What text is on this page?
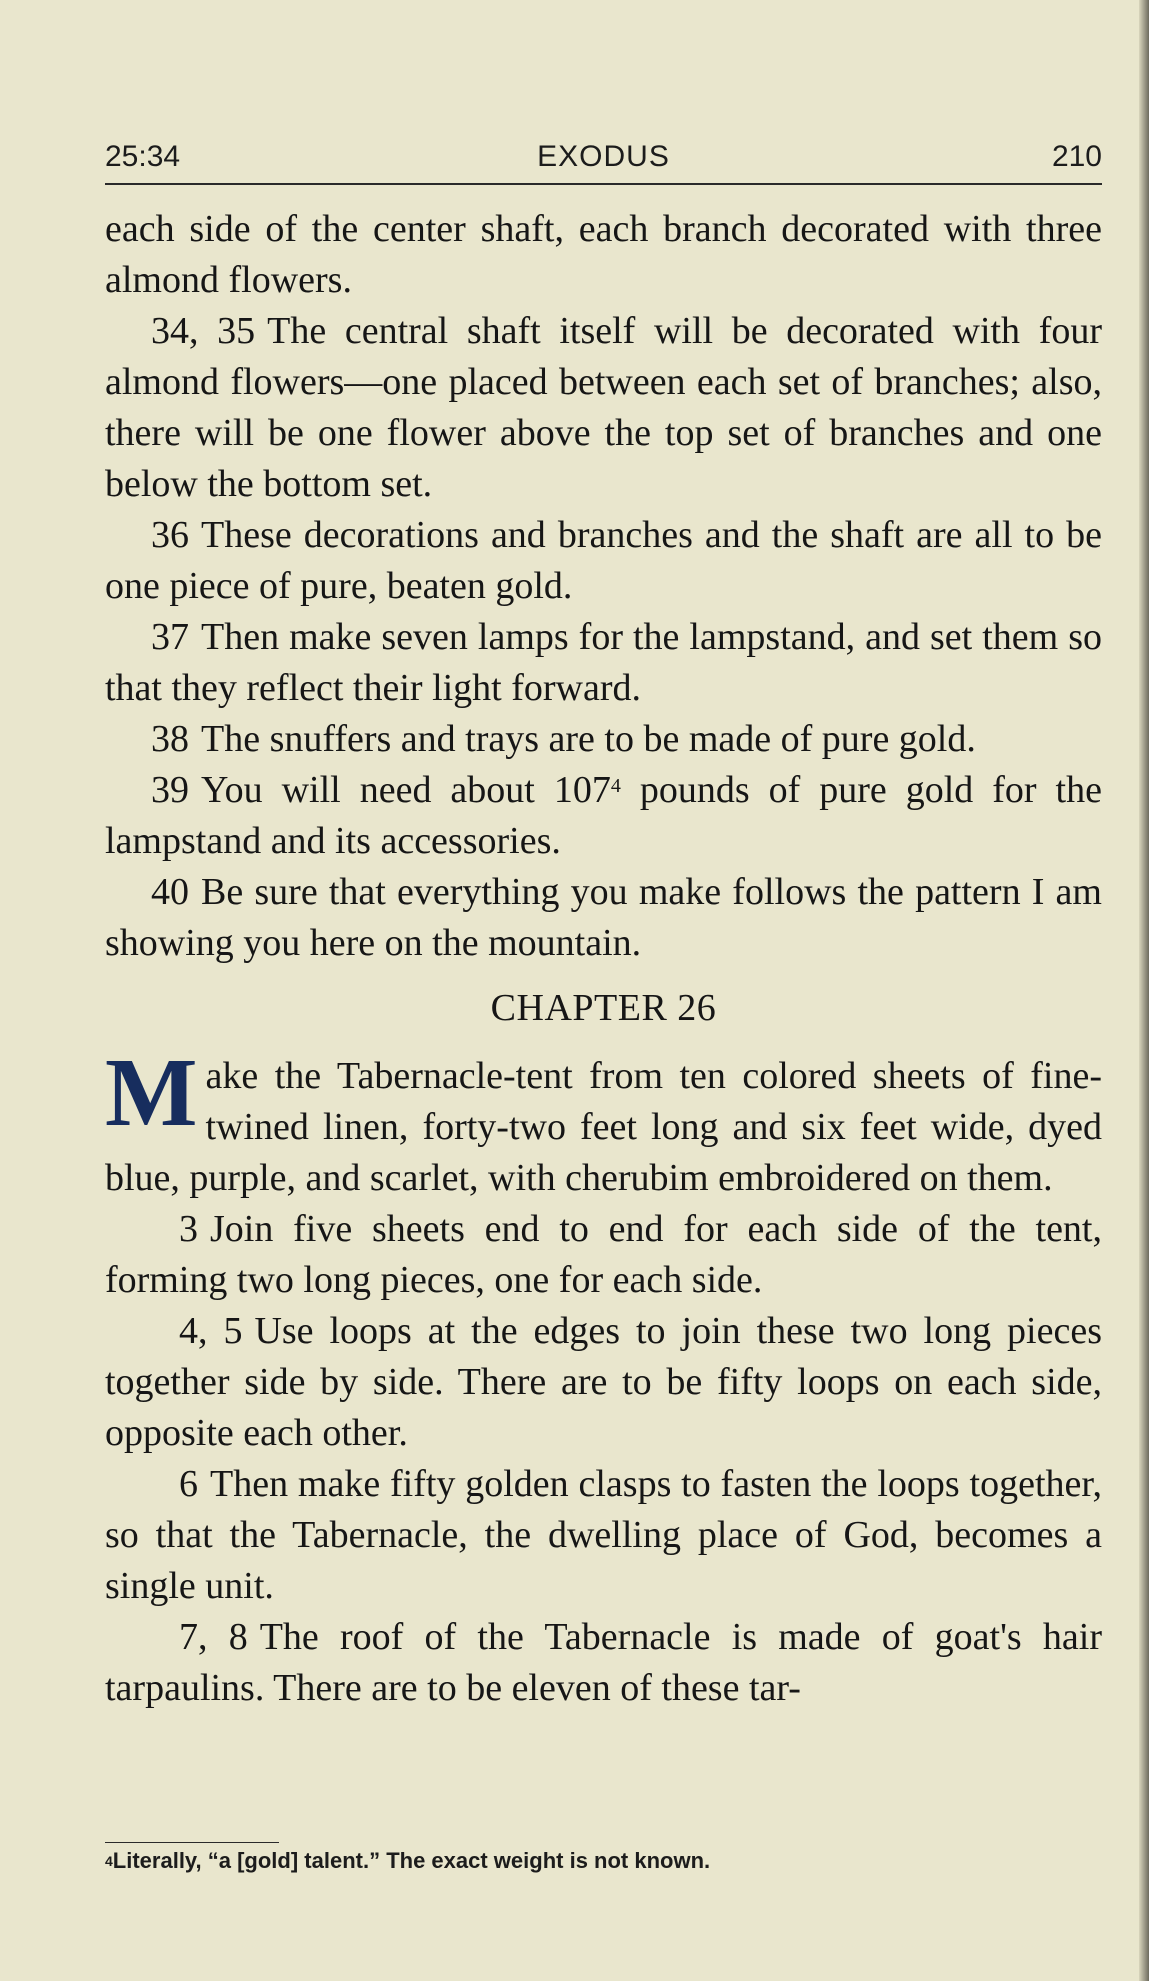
25:34	EXODUS	210

each side of the center shaft, each branch decorated with three almond flowers.

34, 35 The central shaft itself will be decorated with four almond flowers—one placed between each set of branches; also, there will be one flower above the top set of branches and one below the bottom set.

36 These decorations and branches and the shaft are all to be one piece of pure, beaten gold.

37 Then make seven lamps for the lampstand, and set them so that they reflect their light forward.

38 The snuffers and trays are to be made of pure gold.

39 You will need about 107$^4$ pounds of pure gold for the lampstand and its accessories.

40 Be sure that everything you make follows the pattern I am showing you here on the mountain.

CHAPTER 26

Make the Tabernacle-tent from ten colored sheets of fine-twined linen, forty-two feet long and six feet wide, dyed blue, purple, and scarlet, with cherubim embroidered on them.

3 Join five sheets end to end for each side of the tent, forming two long pieces, one for each side.

4, 5 Use loops at the edges to join these two long pieces together side by side. There are to be fifty loops on each side, opposite each other.

6 Then make fifty golden clasps to fasten the loops together, so that the Tabernacle, the dwelling place of God, becomes a single unit.

7, 8 The roof of the Tabernacle is made of goat's hair tarpaulins. There are to be eleven of these tar-

$^4$Literally, “a [gold] talent.” The exact weight is not known.
